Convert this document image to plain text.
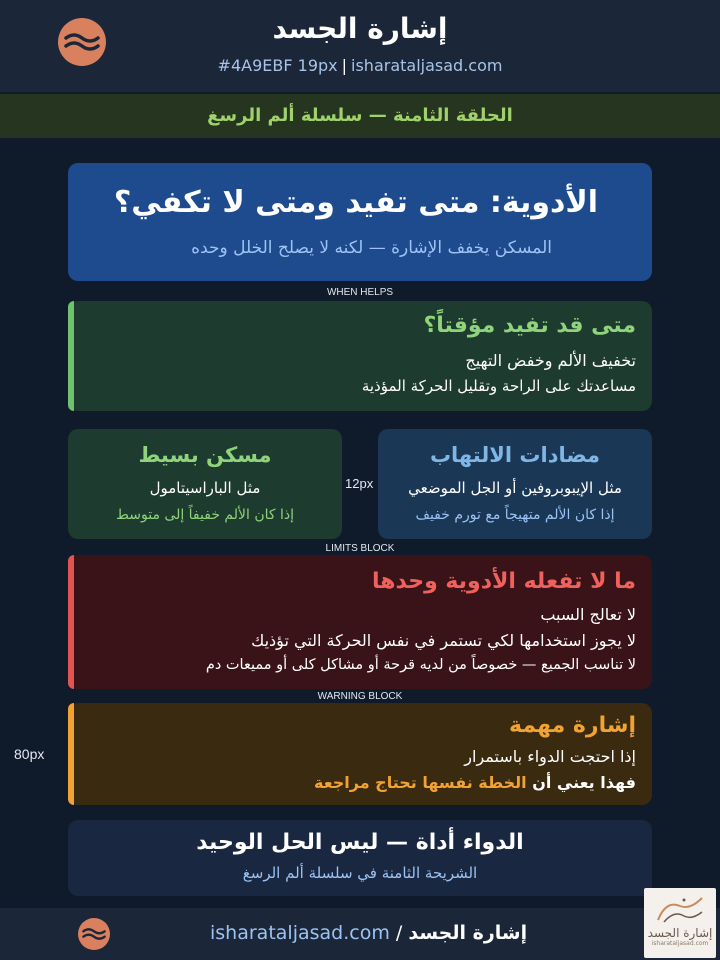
إشارة الجسد
#4A9EBF 19px | isharataljasad.com
الحلقة الثامنة — سلسلة ألم الرسغ
الأدوية: متى تفيد ومتى لا تكفي؟
المسكن يخفف الإشارة — لكنه لا يصلح الخلل وحده
WHEN HELPS
متى قد تفيد مؤقتاً؟
تخفيف الألم وخفض التهيج
مساعدتك على الراحة وتقليل الحركة المؤذية
مضادات الالتهاب
مثل الإيبوبروفين أو الجل الموضعي
إذا كان الألم متهيجاً مع تورم خفيف
12px
مسكن بسيط
مثل الباراسيتامول
إذا كان الألم خفيفاً إلى متوسط
LIMITS BLOCK
ما لا تفعله الأدوية وحدها
لا تعالج السبب
لا يجوز استخدامها لكي تستمر في نفس الحركة التي تؤذيك
لا تناسب الجميع — خصوصاً من لديه قرحة أو مشاكل كلى أو مميعات دم
WARNING BLOCK
80px
إشارة مهمة
إذا احتجت الدواء باستمرار
فهذا يعني أن الخطة نفسها تحتاج مراجعة
الدواء أداة — ليس الحل الوحيد
الشريحة الثامنة في سلسلة ألم الرسغ
isharataljasad.com / إشارة الجسد	إشارة الجسد
isharataljasad.com
